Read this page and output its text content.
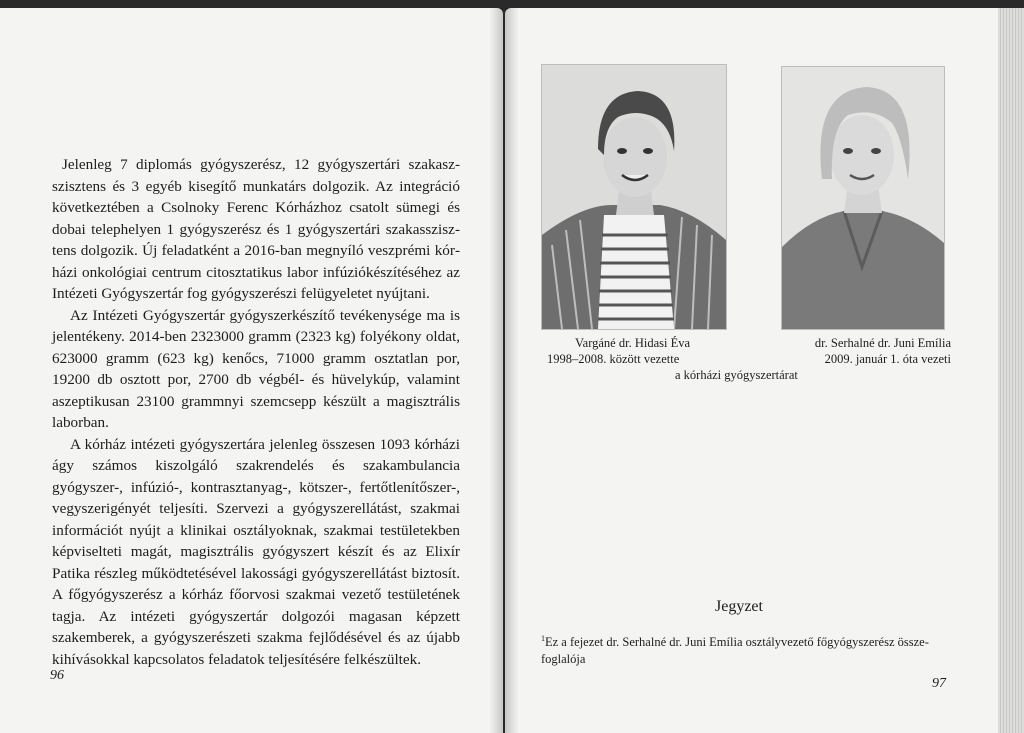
Jelenleg 7 diplomás gyógyszerész, 12 gyógyszertári szakaszszisztens és 3 egyéb kisegítő munkatárs dolgozik. Az integráció következtében a Csolnoky Ferenc Kórházhoz csatolt sümegi és dobai telephelyen 1 gyógyszerész és 1 gyógyszertári szakasszisztens dolgozik. Új feladatként a 2016-ban megnyíló veszprémi kórházi onkológiai centrum citosztatikus labor infúziókészítéséhez az Intézeti Gyógyszertár fog gyógyszerészi felügyeletet nyújtani.

Az Intézeti Gyógyszertár gyógyszerkészítő tevékenysége ma is jelentékeny. 2014-ben 2323000 gramm (2323 kg) folyékony oldat, 623000 gramm (623 kg) kenőcs, 71000 gramm osztatlan por, 19200 db osztott por, 2700 db végbél- és hüvelykúp, valamint aszeptikusan 23100 grammnyi szemcsepp készült a magisztrális laborban.

A kórház intézeti gyógyszertára jelenleg összesen 1093 kórházi ágy számos kiszolgáló szakrendelés és szakambulancia gyógyszer-, infúzió-, kontrasztanyag-, kötszer-, fertőtlenítőszer-, vegyszerigényét teljesíti. Szervezi a gyógyszerellátást, szakmai információt nyújt a klinikai osztályoknak, szakmai testületekben képviselteti magát, magisztrális gyógyszert készít és az Elixír Patika részleg működtetésével lakossági gyógyszerellátást biztosít. A főgyógyszerész a kórház főorvosi szakmai vezető testületének tagja. Az intézeti gyógyszertár dolgozói magasan képzett szakemberek, a gyógyszerészeti szakma fejlődésével és az újabb kihívásokkal kapcsolatos feladatok teljesítésére felkészültek.

96
Vargáné dr. Hidasi Éva
1998–2008. között vezette
dr. Serhalné dr. Juni Emília
2009. január 1. óta vezeti
a kórházi gyógyszertárat
Jegyzet
$^1$Ez a fejezet dr. Serhalné dr. Juni Emília osztályvezető főgyógyszerész összefoglalója
97
